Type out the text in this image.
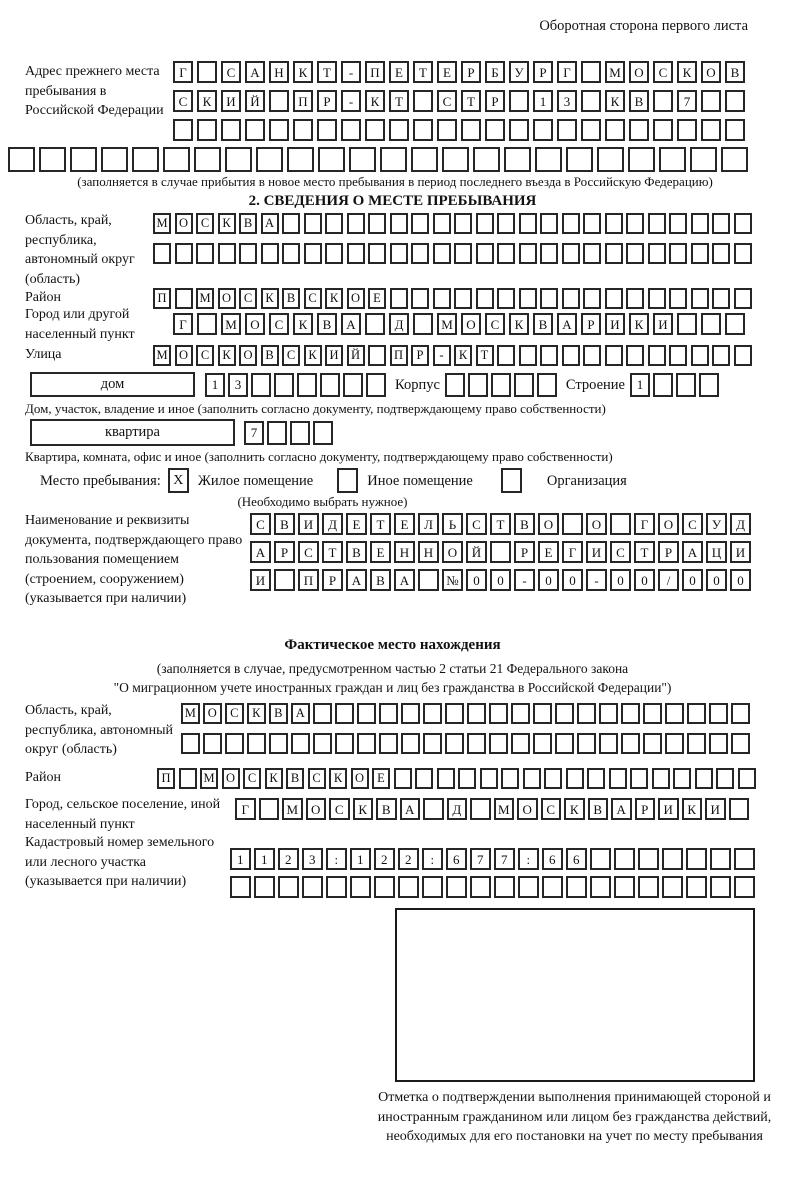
Оборотная сторона первого листа
Адрес прежнего места пребывания в Российской Федерации
Г	С	А	Н	К	Т	-	П	Е	Т	Е	Р	Б	У	Р	Г	М	О	С	К	О	В
С	К	И	Й	П	Р	-	К	Т	С	Т	Р	1	3	К	В	7
(заполняется в случае прибытия в новое место пребывания в период последнего въезда в Российскую Федерацию)
2. СВЕДЕНИЯ О МЕСТЕ ПРЕБЫВАНИЯ
Область, край, республика, автономный округ (область)
М О	С	К	В	А
Район	П	М О	С	К	В	С	К	О	Е
Город или другой населенный пункт
Г	М	О	С	К	В	А	Д	М	О	С	К	В	А	Р	И	К	И
Улица	М О	С	К	О	В	С	К	И Й	П	Р	-	К	Т
дом	1	3	Корпус	Строение 1
Дом, участок, владение и иное (заполнить согласно документу, подтверждающему право собственности)
квартира	7
Квартира, комната, офис и иное (заполнить согласно документу, подтверждающему право собственности)
Место пребывания: X Жилое помещение	Иное помещение	Организация
(Необходимо выбрать нужное)
Наименование и реквизиты документа, подтверждающего право пользования помещением (строением, сооружением) (указывается при наличии)
С	В	И	Д	Е	Т	Е	Л	Ь	С	Т	В	О	О	Г	О	С	У	Д
А	Р	С	Т	В	Е	Н	Н	О	Й	Р	Е	Г	И	С	Т	Р	А	Ц	И
И	П	Р	А	В	А	№	0	0	-	0	0	-	0	0	/	0	0	0
Фактическое место нахождения
(заполняется в случае, предусмотренном частью 2 статьи 21 Федерального закона
"О миграционном учете иностранных граждан и лиц без гражданства в Российской Федерации")
Область, край, республика, автономный округ (область)
М О	С	К	В	А
Район	П	М О	С	К	В	С	К	О	Е
Город, сельское поселение, иной населенный пункт
Г	М	О	С	К	В	А	Д	М	О	С	К	В	А	Р	И	К	И
Кадастровый номер земельного или лесного участка (указывается при наличии)
1	1	2	3	:	1	2	2	:	6	7	7	:	6	6
Отметка о подтверждении выполнения принимающей стороной и иностранным гражданином или лицом без гражданства действий, необходимых для его постановки на учет по месту пребывания
